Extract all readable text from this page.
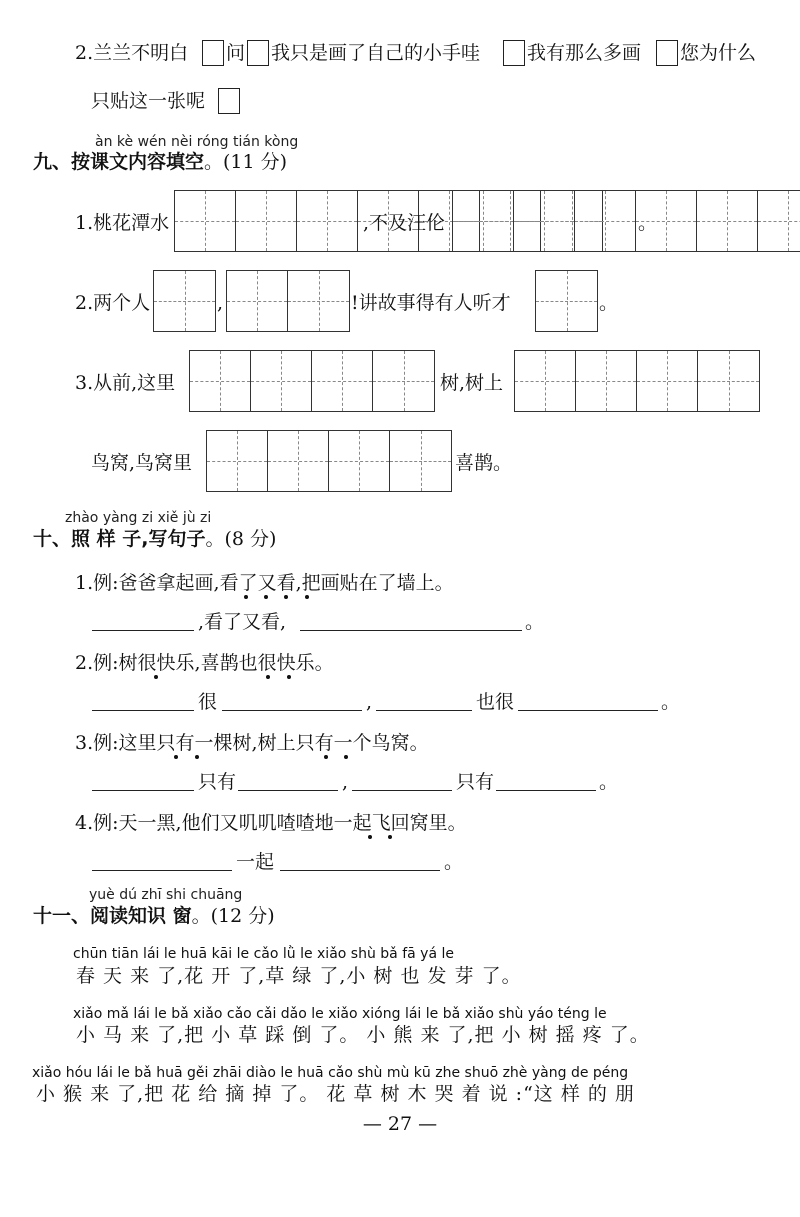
2.兰兰不明白 问 我只是画了自己的小手哇 我有那么多画 您为什么
只贴这一张呢
àn kè wén nèi róng tián kòng
九、按课文内容填空。(11 分)
1.桃花潭水	,不及汪伦	。
2.两个人	,	!讲故事得有人听才	。
3.从前,这里	树,树上
鸟窝,鸟窝里	喜鹊。
zhào yàng zi xiě jù zi
十、照 样 子,写句子。(8 分)
1.例:爸爸拿起画,看了又看,把画贴在了墙上。
,看了又看,	。
2.例:树很快乐,喜鹊也很快乐。
很	,	也很	。
3.例:这里只有一棵树,树上只有一个鸟窝。
只有	,	只有	。
4.例:天一黑,他们又叽叽喳喳地一起飞回窝里。
一起	。
yuè dú zhī shi chuāng
十一、阅读知识 窗。(12 分)
chūn tiān lái le huā kāi le cǎo lǜ le xiǎo shù bǎ fā yá le
春 天 来 了,花 开 了,草 绿 了,小 树 也 发 芽 了。
xiǎo mǎ lái le bǎ xiǎo cǎo cǎi dǎo le xiǎo xióng lái le bǎ xiǎo shù yáo téng le
小 马 来 了,把 小 草 踩 倒 了。 小 熊 来 了,把 小 树 摇 疼 了。
xiǎo hóu lái le bǎ huā gěi zhāi diào le huā cǎo shù mù kū zhe shuō zhè yàng de péng
小 猴 来 了,把 花 给 摘 掉 了。 花 草 树 木 哭 着 说 :“这 样 的 朋
— 27 —
